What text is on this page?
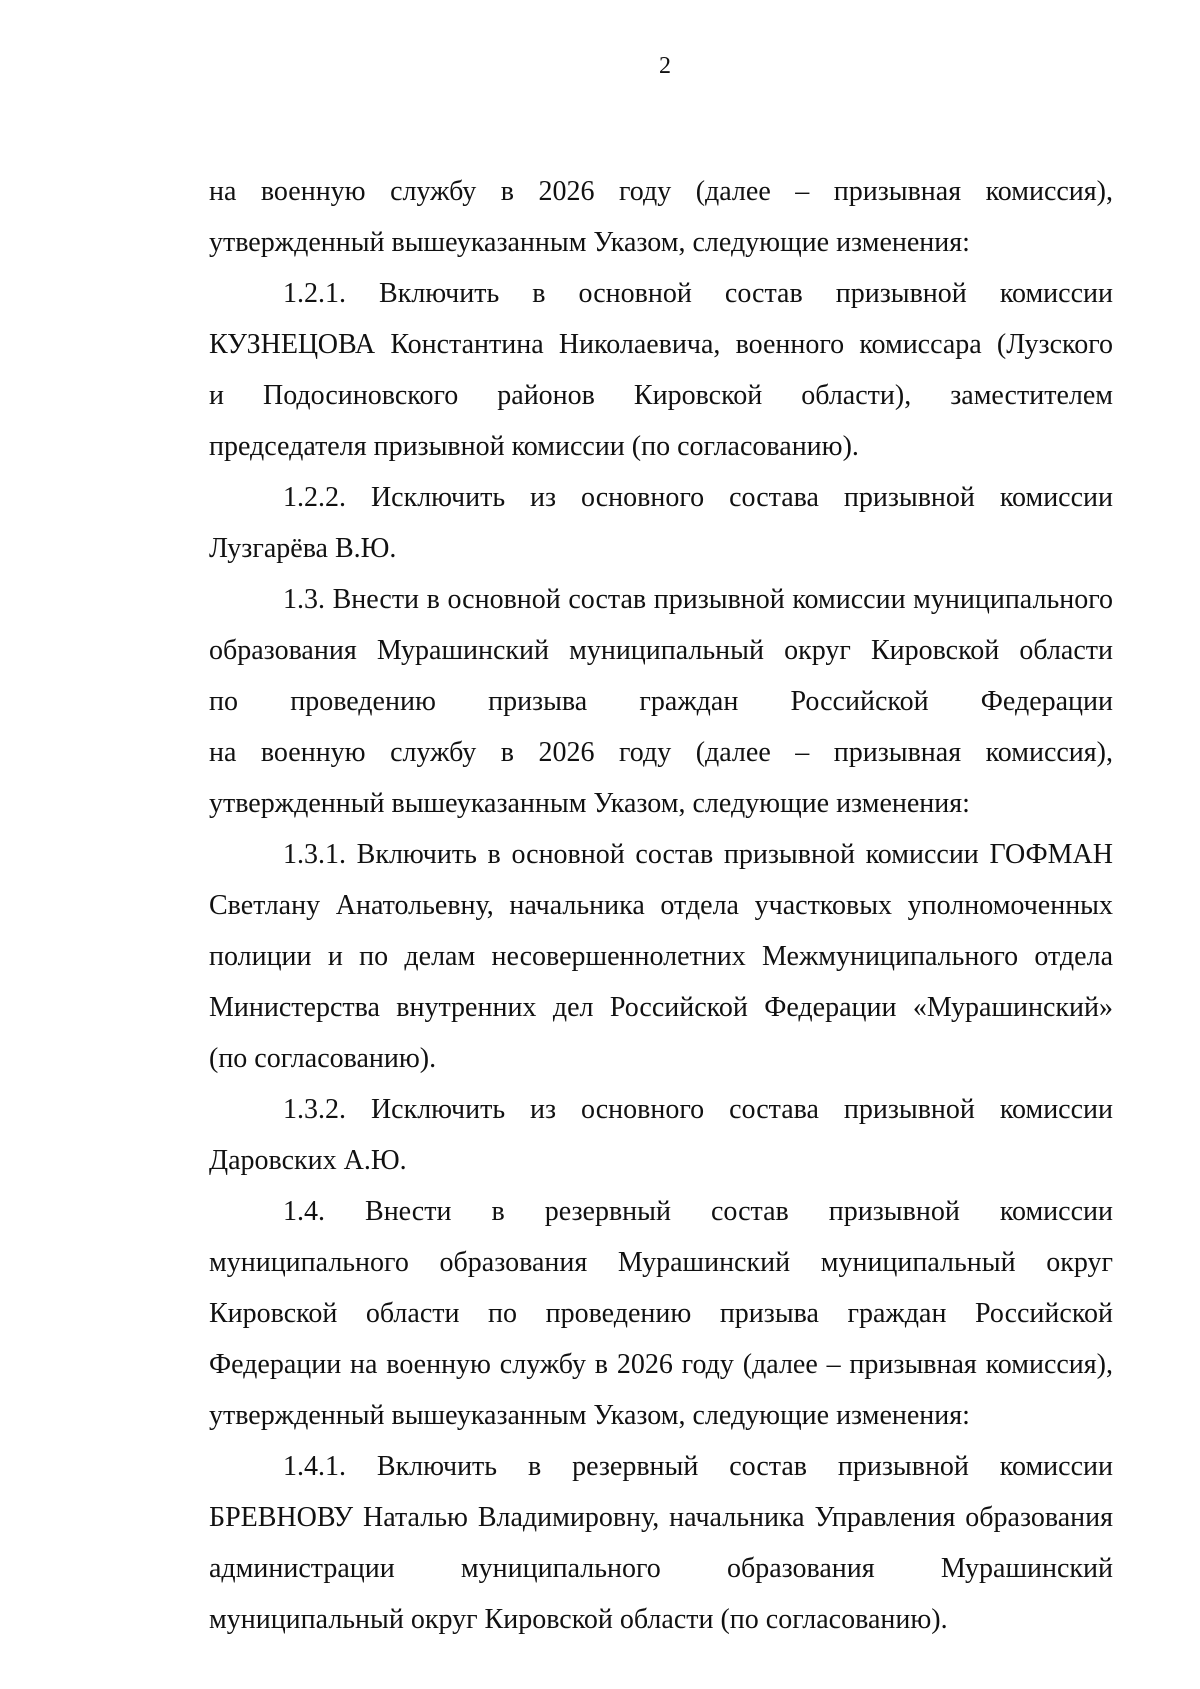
2
на военную службу в 2026 году (далее – призывная комиссия),
утвержденный вышеуказанным Указом, следующие изменения:
1.2.1. Включить в основной состав призывной комиссии
КУЗНЕЦОВА Константина Николаевича, военного комиссара (Лузского
и Подосиновского районов Кировской области), заместителем
председателя призывной комиссии (по согласованию).
1.2.2. Исключить из основного состава призывной комиссии
Лузгарёва В.Ю.
1.3. Внести в основной состав призывной комиссии муниципального
образования Мурашинский муниципальный округ Кировской области
по проведению призыва граждан Российской Федерации
на военную службу в 2026 году (далее – призывная комиссия),
утвержденный вышеуказанным Указом, следующие изменения:
1.3.1. Включить в основной состав призывной комиссии ГОФМАН
Светлану Анатольевну, начальника отдела участковых уполномоченных
полиции и по делам несовершеннолетних Межмуниципального отдела
Министерства внутренних дел Российской Федерации «Мурашинский»
(по согласованию).
1.3.2. Исключить из основного состава призывной комиссии
Даровских А.Ю.
1.4. Внести в резервный состав призывной комиссии
муниципального образования Мурашинский муниципальный округ
Кировской области по проведению призыва граждан Российской
Федерации на военную службу в 2026 году (далее – призывная комиссия),
утвержденный вышеуказанным Указом, следующие изменения:
1.4.1. Включить в резервный состав призывной комиссии
БРЕВНОВУ Наталью Владимировну, начальника Управления образования
администрации муниципального образования Мурашинский
муниципальный округ Кировской области (по согласованию).
